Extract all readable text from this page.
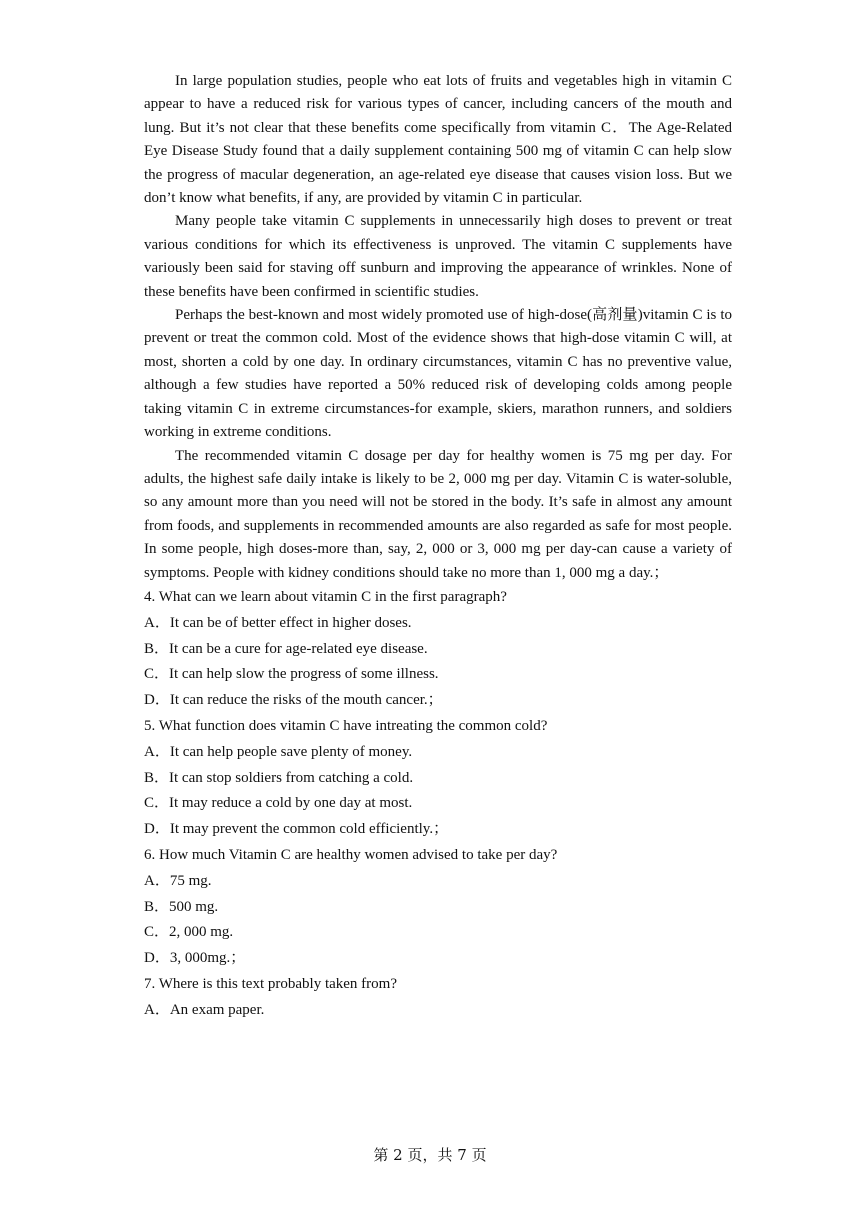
In large population studies, people who eat lots of fruits and vegetables high in vitamin C appear to have a reduced risk for various types of cancer, including cancers of the mouth and lung. But it’s not clear that these benefits come specifically from vitamin C．The Age-Related Eye Disease Study found that a daily supplement containing 500 mg of vitamin C can help slow the progress of macular degeneration, an age-related eye disease that causes vision loss. But we don’t know what benefits, if any, are provided by vitamin C in particular.

Many people take vitamin C supplements in unnecessarily high doses to prevent or treat various conditions for which its effectiveness is unproved. The vitamin C supplements have variously been said for staving off sunburn and improving the appearance of wrinkles. None of these benefits have been confirmed in scientific studies.

Perhaps the best-known and most widely promoted use of high-dose(高剂量)vitamin C is to prevent or treat the common cold. Most of the evidence shows that high-dose vitamin C will, at most, shorten a cold by one day. In ordinary circumstances, vitamin C has no preventive value, although a few studies have reported a 50% reduced risk of developing colds among people taking vitamin C in extreme circumstances-for example, skiers, marathon runners, and soldiers working in extreme conditions.

The recommended vitamin C dosage per day for healthy women is 75 mg per day. For adults, the highest safe daily intake is likely to be 2, 000 mg per day. Vitamin C is water-soluble, so any amount more than you need will not be stored in the body. It’s safe in almost any amount from foods, and supplements in recommended amounts are also regarded as safe for most people. In some people, high doses-more than, say, 2, 000 or 3, 000 mg per day-can cause a variety of symptoms. People with kidney conditions should take no more than 1, 000 mg a day.；

4. What can we learn about vitamin C in the first paragraph?

A．It can be of better effect in higher doses.

B．It can be a cure for age-related eye disease.

C．It can help slow the progress of some illness.

D．It can reduce the risks of the mouth cancer.；

5. What function does vitamin C have intreating the common cold?

A．It can help people save plenty of money.

B．It can stop soldiers from catching a cold.

C．It may reduce a cold by one day at most.

D．It may prevent the common cold efficiently.；

6. How much Vitamin C are healthy women advised to take per day?

A．75 mg.

B．500 mg.

C．2, 000 mg.

D．3, 000mg.；

7. Where is this text probably taken from?

A．An exam paper.

第 2 页，共 7 页
